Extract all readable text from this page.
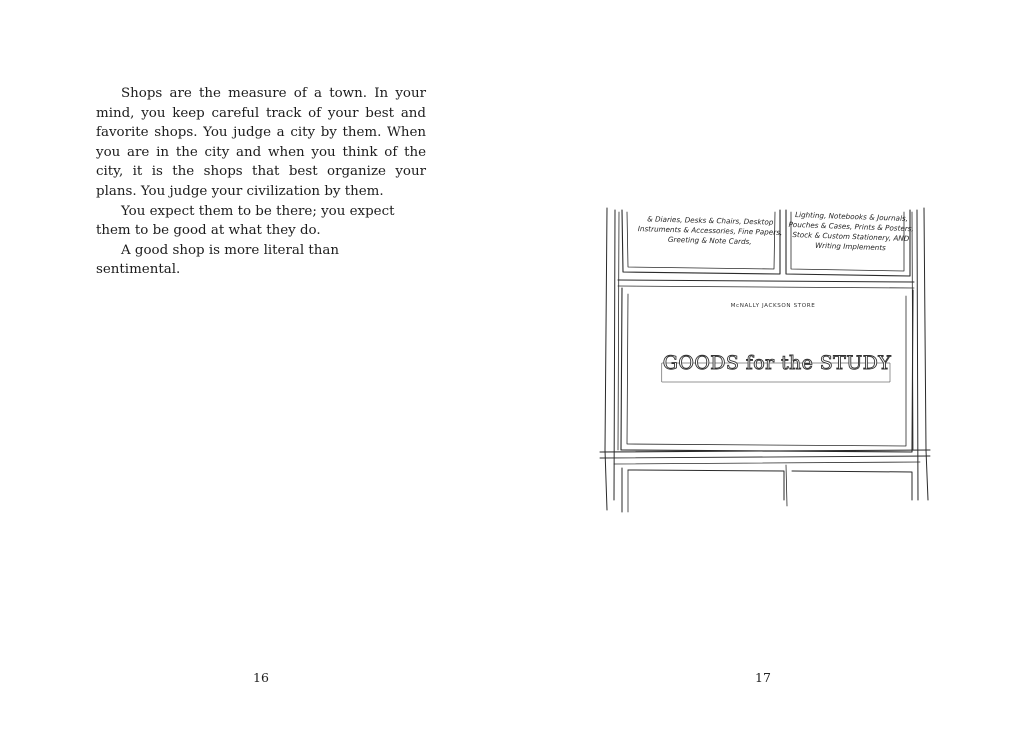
Shops are the measure of a town. In your mind, you keep careful track of your best and favorite shops. You judge a city by them. When you are in the city and when you think of the city, it is the shops that best organize your plans. You judge your civilization by them.

You expect them to be there; you expect them to be good at what they do.

A good shop is more literal than sentimental.

16
& Diaries, Desks & Chairs, Desktop Instruments & Accessories, Fine Papers, Greeting & Note Cards,
Lighting, Notebooks & Journals, Pouches & Cases, Prints & Posters, Stock & Custom Stationery, AND Writing Implements
McNALLY JACKSON STORE
GOODS for the STUDY
17
